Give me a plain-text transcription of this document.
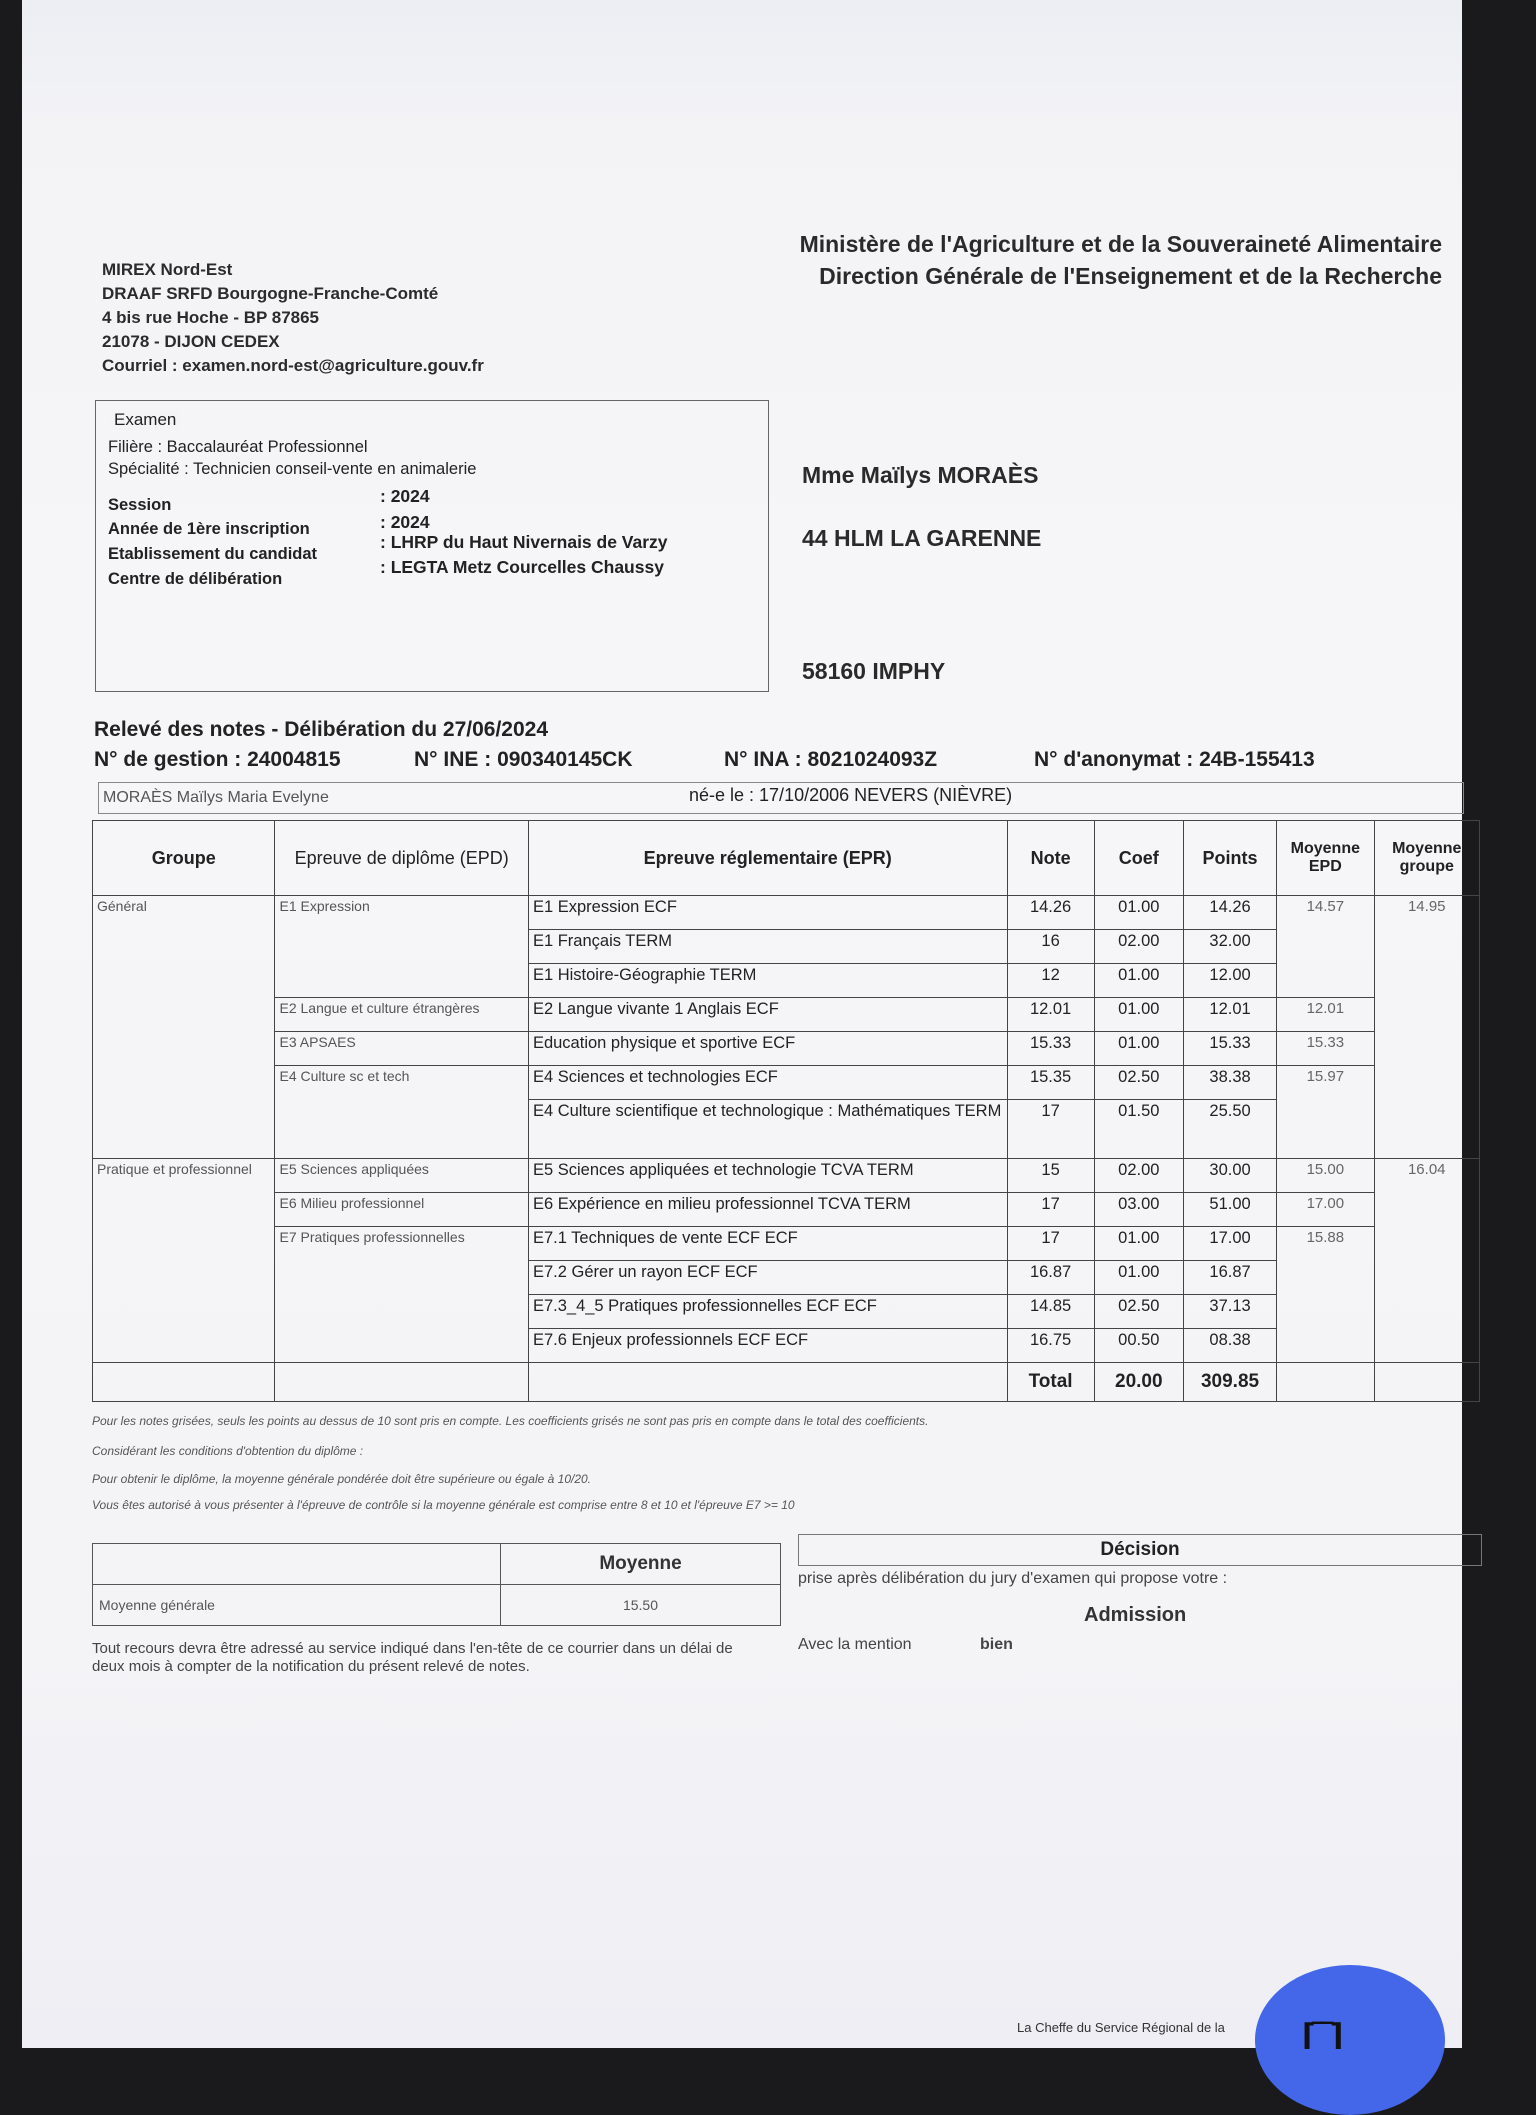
MIREX Nord-Est
DRAAF SRFD Bourgogne-Franche-Comté
4 bis rue Hoche - BP 87865
21078 - DIJON CEDEX
Courriel : examen.nord-est@agriculture.gouv.fr
Ministère de l'Agriculture et de la Souveraineté Alimentaire
Direction Générale de l'Enseignement et de la Recherche
Examen
Filière : Baccalauréat Professionnel
Spécialité : Technicien conseil-vente en animalerie
Session	: 2024
Année de 1ère inscription	: 2024
Etablissement du candidat
: LHRP du Haut Nivernais de Varzy
Centre de délibération
: LEGTA Metz Courcelles Chaussy
Mme Maïlys MORAÈS
44 HLM LA GARENNE
58160 IMPHY
Relevé des notes - Délibération du 27/06/2024
N° de gestion : 24004815	N° INE : 090340145CK	N° INA : 8021024093Z	N° d'anonymat : 24B-155413
MORAÈS Maïlys Maria Evelyne	né-e le : 17/10/2006 NEVERS (NIÈVRE)
Groupe	Epreuve de diplôme (EPD)	Epreuve réglementaire (EPR)	Note	Coef	Points	Moyenne EPD	Moyenne groupe
Général	E1 Expression	E1 Expression ECF	14.26	01.00	14.26	14.57	14.95
		E1 Français TERM	16	02.00	32.00		
		E1 Histoire-Géographie TERM	12	01.00	12.00		
	E2 Langue et culture étrangères	E2 Langue vivante 1 Anglais ECF	12.01	01.00	12.01	12.01	
	E3 APSAES	Education physique et sportive ECF	15.33	01.00	15.33	15.33	
	E4 Culture sc et tech	E4 Sciences et technologies ECF	15.35	02.50	38.38	15.97	
		E4 Culture scientifique et technologique : Mathématiques TERM	17	01.50	25.50		
Pratique et professionnel	E5 Sciences appliquées	E5 Sciences appliquées et technologie TCVA TERM	15	02.00	30.00	15.00	16.04
	E6 Milieu professionnel	E6 Expérience en milieu professionnel TCVA TERM	17	03.00	51.00	17.00	
	E7 Pratiques professionnelles	E7.1 Techniques de vente ECF ECF	17	01.00	17.00	15.88	
		E7.2 Gérer un rayon ECF ECF	16.87	01.00	16.87		
		E7.3_4_5 Pratiques professionnelles ECF ECF	14.85	02.50	37.13		
		E7.6 Enjeux professionnels ECF ECF	16.75	00.50	08.38		
			Total	20.00	309.85		
Pour les notes grisées, seuls les points au dessus de 10 sont pris en compte. Les coefficients grisés ne sont pas pris en compte dans le total des coefficients.
Considérant les conditions d'obtention du diplôme :
Pour obtenir le diplôme, la moyenne générale pondérée doit être supérieure ou égale à 10/20.
Vous êtes autorisé à vous présenter à l'épreuve de contrôle si la moyenne générale est comprise entre 8 et 10 et l'épreuve E7 >= 10
	Moyenne
Moyenne générale	15.50
Décision
prise après délibération du jury d'examen qui propose votre :
Admission
Avec la mention	bien
Tout recours devra être adressé au service indiqué dans l'en-tête de ce courrier dans un délai de deux mois à compter de la notification du présent relevé de notes.
La Cheffe du Service Régional de la	⌈‾‾⌉
